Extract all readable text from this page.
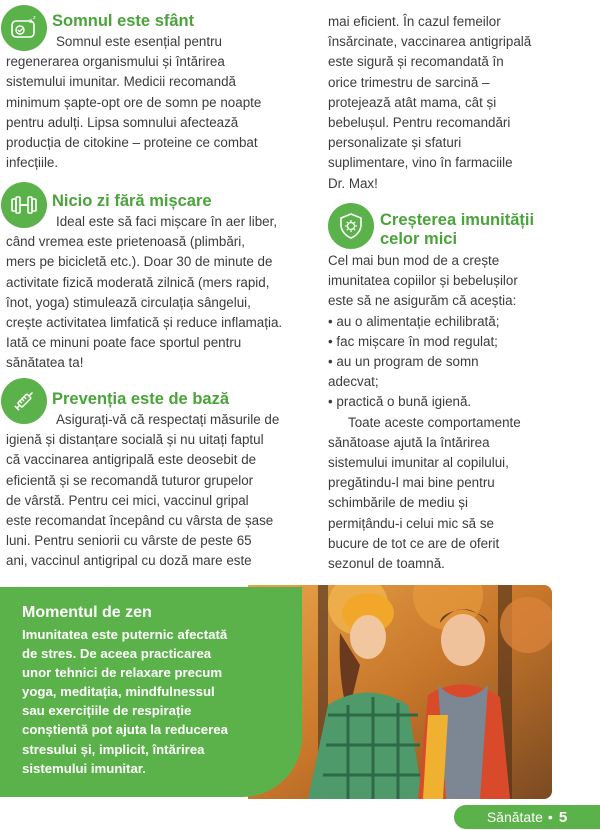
z z Somnul este sfânt

Somnul este esențial pentru
regenerarea organismului și întărirea
sistemului imunitar. Medicii recomandă
minimum șapte-opt ore de somn pe noapte
pentru adulți. Lipsa somnului afectează
producția de citokine – proteine ce combat
infecțiile.

Nicio zi fără mișcare

Ideal este să faci mișcare în aer liber,
când vremea este prietenoasă (plimbări,
mers pe bicicletă etc.). Doar 30 de minute de
activitate fizică moderată zilnică (mers rapid,
înot, yoga) stimulează circulația sângelui,
crește activitatea limfatică și reduce inflamația.
Iată ce minuni poate face sportul pentru
sănătatea ta!

Prevenția este de bază

Asigurați-vă că respectați măsurile de
igienă și distanțare socială și nu uitați faptul
că vaccinarea antigripală este deosebit de
eficientă și se recomandă tuturor grupelor
de vârstă. Pentru cei mici, vaccinul gripal
este recomandat începând cu vârsta de șase
luni. Pentru seniorii cu vârste de peste 65
ani, vaccinul antigripal cu doză mare este

mai eficient. În cazul femeilor
însărcinate, vaccinarea antigripală
este sigură și recomandată în
orice trimestru de sarcină –
protejează atât mama, cât și
bebelușul. Pentru recomandări
personalizate și sfaturi
suplimentare, vino în farmaciile
Dr. Max!

Creșterea imunității
celor mici

Cel mai bun mod de a crește
imunitatea copiilor și bebelușilor
este să ne asigurăm că aceștia:
• au o alimentație echilibrată;
• fac mișcare în mod regulat;
• au un program de somn
adecvat;
• practică o bună igienă.
Toate aceste comportamente
sănătoase ajută la întărirea
sistemului imunitar al copilului,
pregătindu-l mai bine pentru
schimbările de mediu și
permițându-i celui mic să se
bucure de tot ce are de oferit
sezonul de toamnă.

Momentul de zen

Imunitatea este puternic afectată
de stres. De aceea practicarea
unor tehnici de relaxare precum
yoga, meditația, mindfulnessul
sau exercițiile de respirație
conștientă pot ajuta la reducerea
stresului și, implicit, întărirea
sistemului imunitar.

Sănătate • 5
